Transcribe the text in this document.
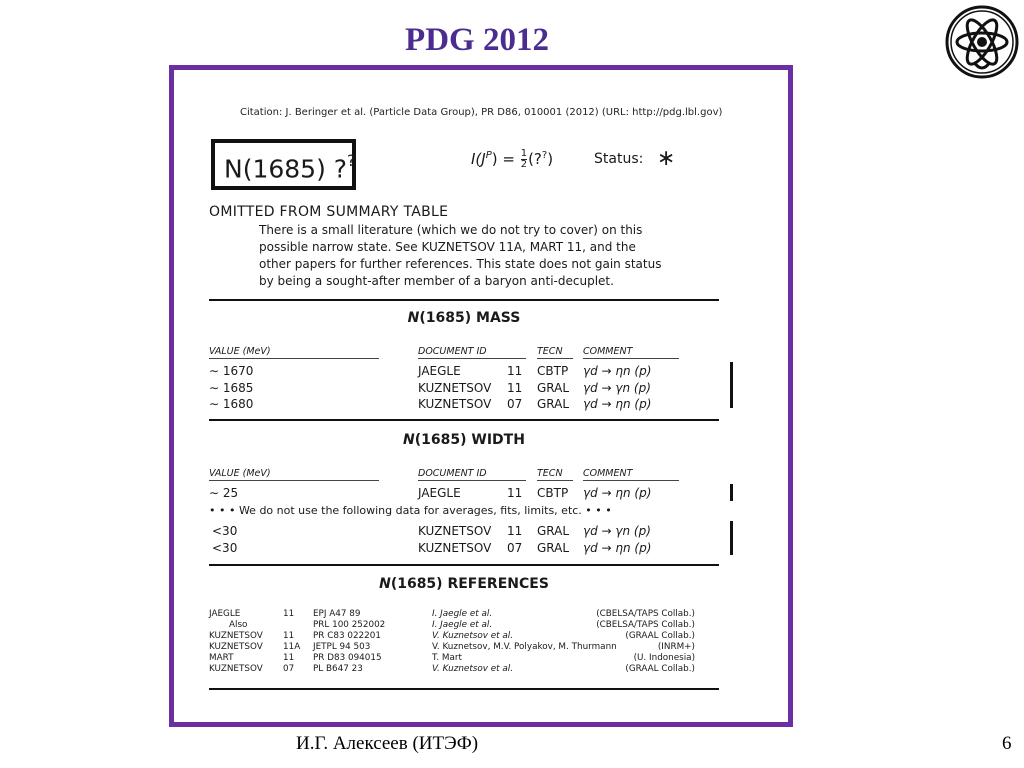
PDG 2012
Citation: J. Beringer et al. (Particle Data Group), PR D86, 010001 (2012) (URL: http://pdg.lbl.gov)
N(1685) ??	$I(J^P) = \frac{1}{2}$ (??)	Status: ∗
OMITTED FROM SUMMARY TABLE
There is a small literature (which we do not try to cover) on this
possible narrow state. See KUZNETSOV 11A, MART 11, and the
other papers for further references. This state does not gain status
by being a sought-after member of a baryon anti-decuplet.
N(1685) MASS
VALUE (MeV)	DOCUMENT ID	TECN	COMMENT
∼ 1670	JAEGLE	11 CBTP γd → ηn (p)
∼ 1685	KUZNETSOV 11 GRAL γd → γn (p)
∼ 1680	KUZNETSOV 07 GRAL γd → ηn (p)
N(1685) WIDTH
VALUE (MeV)	DOCUMENT ID	TECN	COMMENT
∼ 25	JAEGLE	11 CBTP γd → ηn (p)
• • • We do not use the following data for averages, fits, limits, etc. • • •
<30	KUZNETSOV 11 GRAL γd → γn (p)
<30	KUZNETSOV 07 GRAL γd → ηn (p)
N(1685) REFERENCES
JAEGLE	11 EPJ A47 89	I. Jaegle et al.	(CBELSA/TAPS Collab.)
Also	PRL 100 252002	I. Jaegle et al.	(CBELSA/TAPS Collab.)
KUZNETSOV 11 PR C83 022201	V. Kuznetsov et al.	(GRAAL Collab.)
KUZNETSOV 11A JETPL 94 503	V. Kuznetsov, M.V. Polyakov, M. Thurmann	(INRM+)
MART	11 PR D83 094015	T. Mart	(U. Indonesia)
KUZNETSOV 07 PL B647 23	V. Kuznetsov et al.	(GRAAL Collab.)
И.Г. Алексеев (ИТЭФ)	6
